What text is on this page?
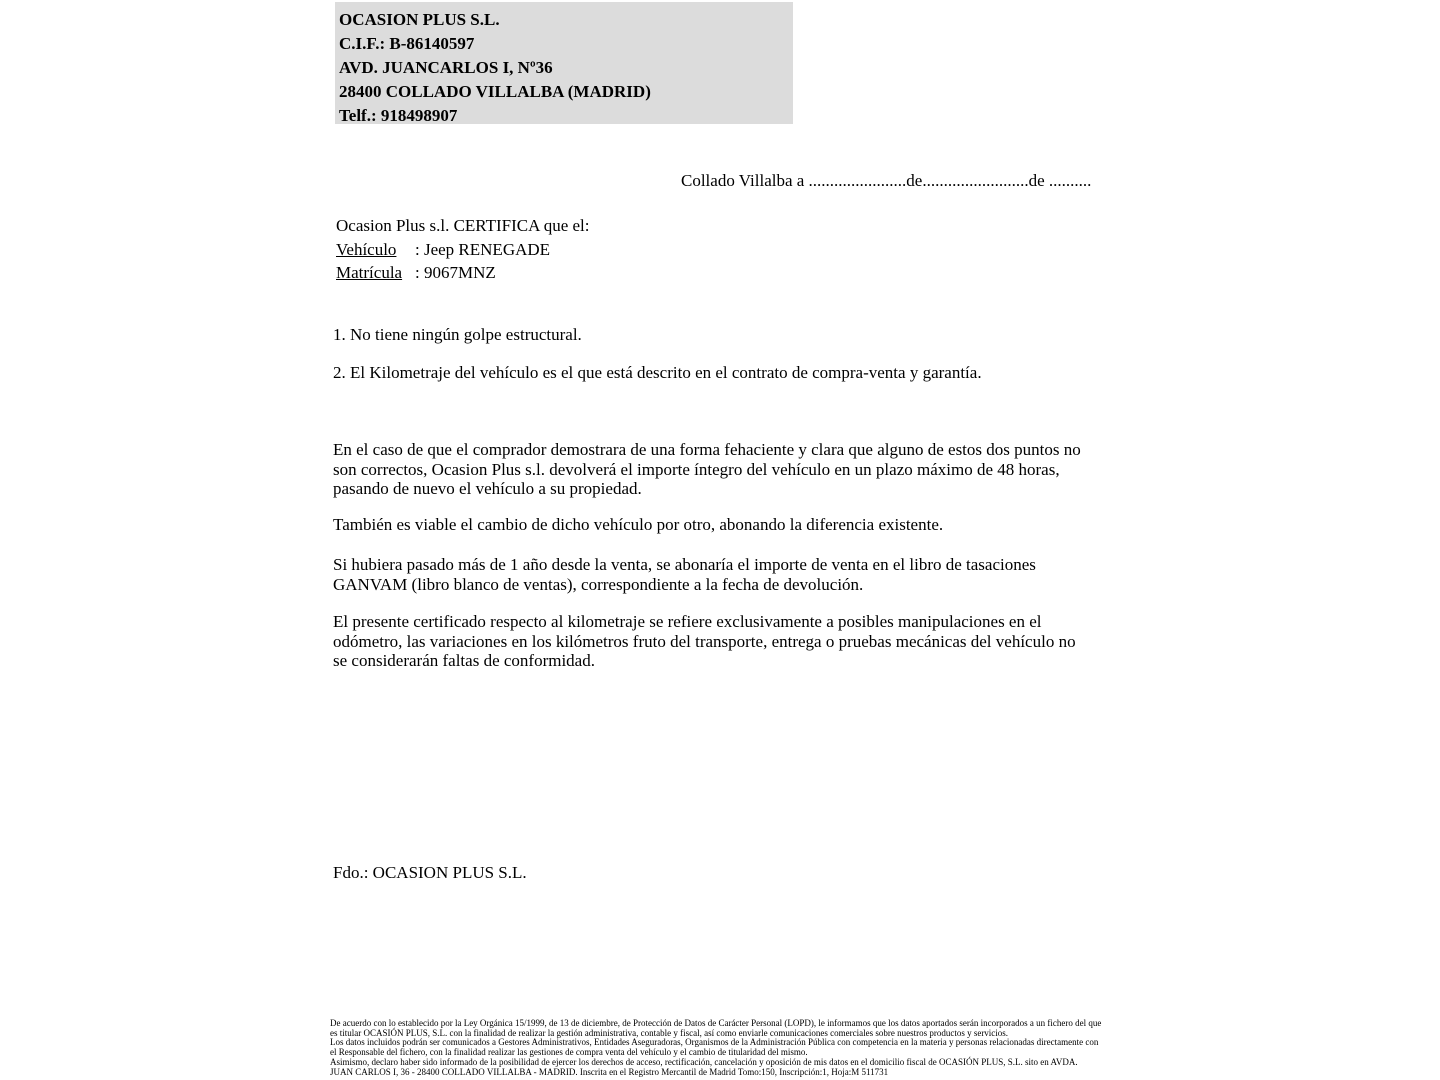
OCASION PLUS S.L.
C.I.F.: B-86140597
AVD. JUANCARLOS I, Nº36
28400 COLLADO VILLALBA (MADRID)
Telf.: 918498907
Collado Villalba a .......................de.........................de ..........
Ocasion Plus s.l. CERTIFICA que el:
Vehículo : Jeep RENEGADE
Matrícula : 9067MNZ
1. No tiene ningún golpe estructural.
2. El Kilometraje del vehículo es el que está descrito en el contrato de compra-venta y garantía.
En el caso de que el comprador demostrara de una forma fehaciente y clara que alguno de estos dos puntos no son correctos, Ocasion Plus s.l. devolverá el importe íntegro del vehículo en un plazo máximo de 48 horas, pasando de nuevo el vehículo a su propiedad.
También es viable el cambio de dicho vehículo por otro, abonando la diferencia existente.
Si hubiera pasado más de 1 año desde la venta, se abonaría el importe de venta en el libro de tasaciones GANVAM (libro blanco de ventas), correspondiente a la fecha de devolución.
El presente certificado respecto al kilometraje se refiere exclusivamente a posibles manipulaciones en el odómetro, las variaciones en los kilómetros fruto del transporte, entrega o pruebas mecánicas del vehículo no se considerarán faltas de conformidad.
Fdo.: OCASION PLUS S.L.

De acuerdo con lo establecido por la Ley Orgánica 15/1999, de 13 de diciembre, de Protección de Datos de Carácter Personal (LOPD), le informamos que los datos aportados serán incorporados a un fichero del que es titular OCASIÓN PLUS, S.L. con la finalidad de realizar la gestión administrativa, contable y fiscal, así como enviarle comunicaciones comerciales sobre nuestros productos y servicios.

Los datos incluidos podrán ser comunicados a Gestores Administrativos, Entidades Aseguradoras, Organismos de la Administración Pública con competencia en la materia y personas relacionadas directamente con el Responsable del fichero, con la finalidad realizar las gestiones de compra venta del vehículo y el cambio de titularidad del mismo.

Asimismo, declaro haber sido informado de la posibilidad de ejercer los derechos de acceso, rectificación, cancelación y oposición de mis datos en el domicilio fiscal de OCASIÓN PLUS, S.L. sito en AVDA. JUAN CARLOS I, 36 - 28400 COLLADO VILLALBA - MADRID. Inscrita en el Registro Mercantil de Madrid Tomo:150, Inscripción:1, Hoja:M 511731
